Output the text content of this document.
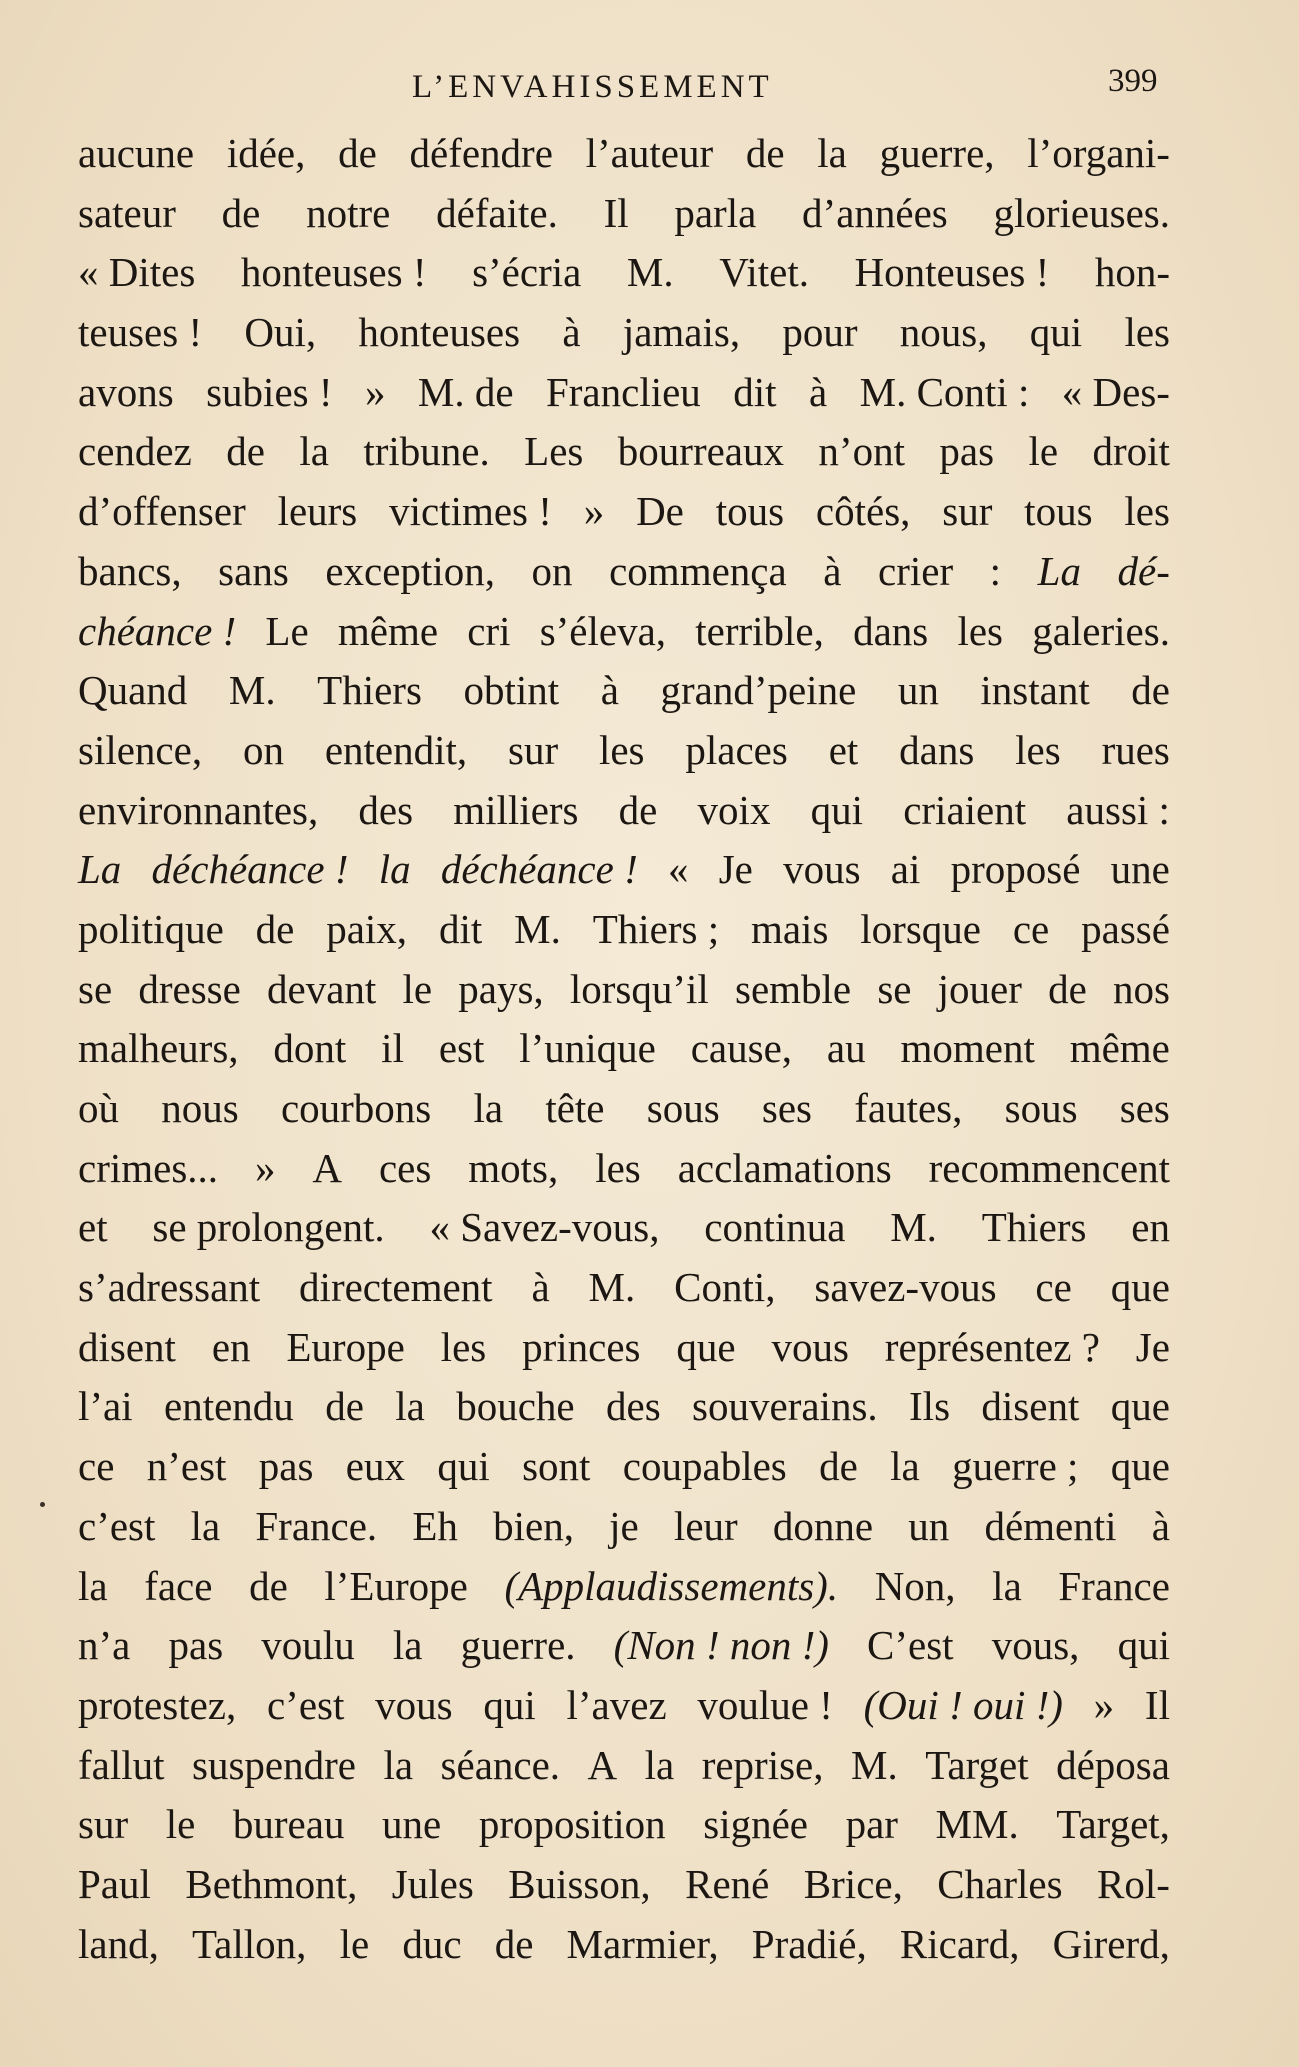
L’ENVAHISSEMENT	399
aucune idée, de défendre l’auteur de la guerre, l’organi-
sateur de notre défaite. Il parla d’années glorieuses.
« Dites honteuses ! s’écria M. Vitet. Honteuses ! hon-
teuses ! Oui, honteuses à jamais, pour nous, qui les
avons subies ! » M. de Franclieu dit à M. Conti : « Des-
cendez de la tribune. Les bourreaux n’ont pas le droit
d’offenser leurs victimes ! » De tous côtés, sur tous les
bancs, sans exception, on commença à crier : La dé-
chéance ! Le même cri s’éleva, terrible, dans les galeries.
Quand M. Thiers obtint à grand’peine un instant de
silence, on entendit, sur les places et dans les rues
environnantes, des milliers de voix qui criaient aussi :
La déchéance ! la déchéance ! « Je vous ai proposé une
politique de paix, dit M. Thiers ; mais lorsque ce passé
se dresse devant le pays, lorsqu’il semble se jouer de nos
malheurs, dont il est l’unique cause, au moment même
où nous courbons la tête sous ses fautes, sous ses
crimes... » A ces mots, les acclamations recommencent
et se prolongent. « Savez-vous, continua M. Thiers en
s’adressant directement à M. Conti, savez-vous ce que
disent en Europe les princes que vous représentez ? Je
l’ai entendu de la bouche des souverains. Ils disent que
ce n’est pas eux qui sont coupables de la guerre ; que
c’est la France. Eh bien, je leur donne un démenti à
la face de l’Europe (Applaudissements). Non, la France
n’a pas voulu la guerre. (Non ! non !) C’est vous, qui
protestez, c’est vous qui l’avez voulue ! (Oui ! oui !) » Il
fallut suspendre la séance. A la reprise, M. Target déposa
sur le bureau une proposition signée par MM. Target,
Paul Bethmont, Jules Buisson, René Brice, Charles Rol-
land, Tallon, le duc de Marmier, Pradié, Ricard, Girerd,
